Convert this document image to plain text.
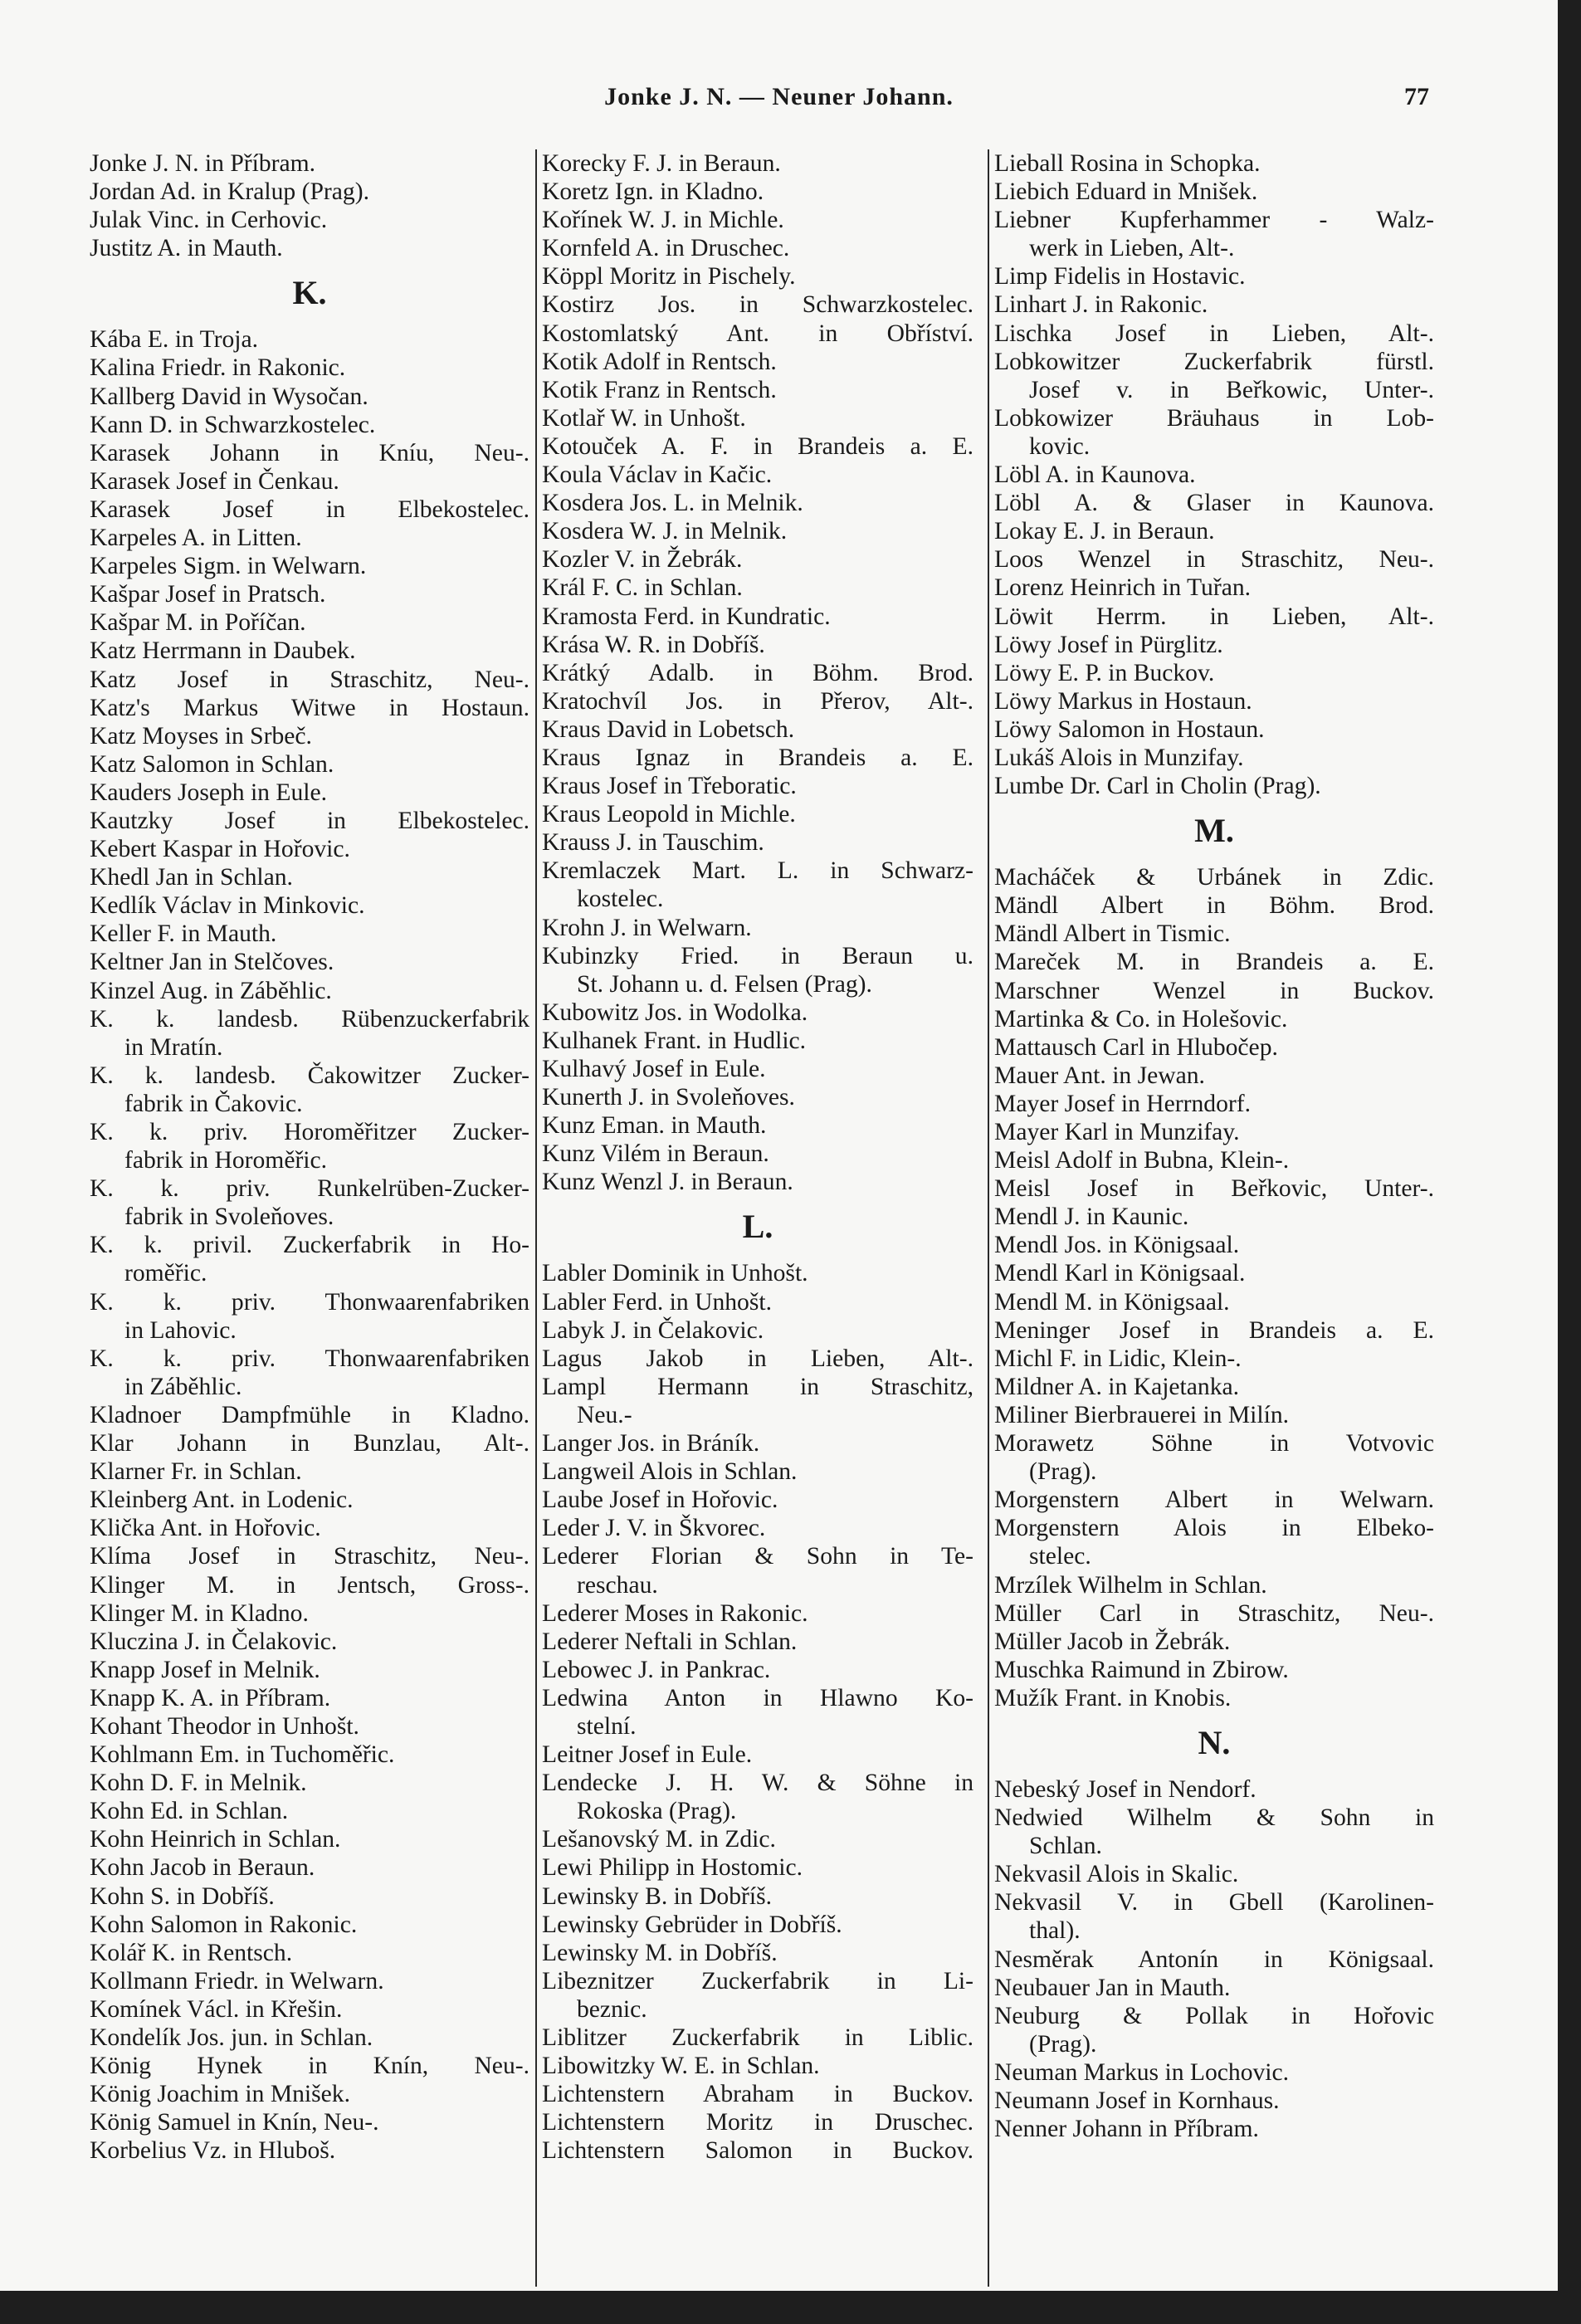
Jonke J. N. — Neuner Johann.	77
Jonke J. N. in Příbram.
Jordan Ad. in Kralup (Prag).
Julak Vinc. in Cerhovic.
Justitz A. in Mauth.
K.
Kába E. in Troja.
Kalina Friedr. in Rakonic.
Kallberg David in Wysočan.
Kann D. in Schwarzkostelec.
Karasek Johann in Kníu, Neu-.
Karasek Josef in Čenkau.
Karasek Josef in Elbekostelec.
Karpeles A. in Litten.
Karpeles Sigm. in Welwarn.
Kašpar Josef in Pratsch.
Kašpar M. in Poříčan.
Katz Herrmann in Daubek.
Katz Josef in Straschitz, Neu-.
Katz's Markus Witwe in Hostaun.
Katz Moyses in Srbeč.
Katz Salomon in Schlan.
Kauders Joseph in Eule.
Kautzky Josef in Elbekostelec.
Kebert Kaspar in Hořovic.
Khedl Jan in Schlan.
Kedlík Václav in Minkovic.
Keller F. in Mauth.
Keltner Jan in Stelčoves.
Kinzel Aug. in Záběhlic.
K. k. landesb. Rübenzuckerfabrik
in Mratín.
K. k. landesb. Čakowitzer Zucker-
fabrik in Čakovic.
K. k. priv. Horoměřitzer Zucker-
fabrik in Horoměřic.
K. k. priv. Runkelrüben-Zucker-
fabrik in Svoleňoves.
K. k. privil. Zuckerfabrik in Ho-
roměřic.
K. k. priv. Thonwaarenfabriken
in Lahovic.
K. k. priv. Thonwaarenfabriken
in Záběhlic.
Kladnoer Dampfmühle in Kladno.
Klar Johann in Bunzlau, Alt-.
Klarner Fr. in Schlan.
Kleinberg Ant. in Lodenic.
Klička Ant. in Hořovic.
Klíma Josef in Straschitz, Neu-.
Klinger M. in Jentsch, Gross-.
Klinger M. in Kladno.
Kluczina J. in Čelakovic.
Knapp Josef in Melnik.
Knapp K. A. in Příbram.
Kohant Theodor in Unhošt.
Kohlmann Em. in Tuchoměřic.
Kohn D. F. in Melnik.
Kohn Ed. in Schlan.
Kohn Heinrich in Schlan.
Kohn Jacob in Beraun.
Kohn S. in Dobříš.
Kohn Salomon in Rakonic.
Kolář K. in Rentsch.
Kollmann Friedr. in Welwarn.
Komínek Václ. in Křešin.
Kondelík Jos. jun. in Schlan.
König Hynek in Knín, Neu-.
König Joachim in Mnišek.
König Samuel in Knín, Neu-.
Korbelius Vz. in Hluboš.
Korecky F. J. in Beraun.
Koretz Ign. in Kladno.
Kořínek W. J. in Michle.
Kornfeld A. in Druschec.
Köppl Moritz in Pischely.
Kostirz Jos. in Schwarzkostelec.
Kostomlatský Ant. in Obříství.
Kotik Adolf in Rentsch.
Kotik Franz in Rentsch.
Kotlař W. in Unhošt.
Kotouček A. F. in Brandeis a. E.
Koula Václav in Kačic.
Kosdera Jos. L. in Melnik.
Kosdera W. J. in Melnik.
Kozler V. in Žebrák.
Král F. C. in Schlan.
Kramosta Ferd. in Kundratic.
Krása W. R. in Dobříš.
Krátký Adalb. in Böhm. Brod.
Kratochvíl Jos. in Přerov, Alt-.
Kraus David in Lobetsch.
Kraus Ignaz in Brandeis a. E.
Kraus Josef in Třeboratic.
Kraus Leopold in Michle.
Krauss J. in Tauschim.
Kremlaczek Mart. L. in Schwarz-
kostelec.
Krohn J. in Welwarn.
Kubinzky Fried. in Beraun u.
St. Johann u. d. Felsen (Prag).
Kubowitz Jos. in Wodolka.
Kulhanek Frant. in Hudlic.
Kulhavý Josef in Eule.
Kunerth J. in Svoleňoves.
Kunz Eman. in Mauth.
Kunz Vilém in Beraun.
Kunz Wenzl J. in Beraun.
L.
Labler Dominik in Unhošt.
Labler Ferd. in Unhošt.
Labyk J. in Čelakovic.
Lagus Jakob in Lieben, Alt-.
Lampl Hermann in Straschitz,
Neu.-
Langer Jos. in Bráník.
Langweil Alois in Schlan.
Laube Josef in Hořovic.
Leder J. V. in Škvorec.
Lederer Florian & Sohn in Te-
reschau.
Lederer Moses in Rakonic.
Lederer Neftali in Schlan.
Lebowec J. in Pankrac.
Ledwina Anton in Hlawno Ko-
stelní.
Leitner Josef in Eule.
Lendecke J. H. W. & Söhne in
Rokoska (Prag).
Lešanovský M. in Zdic.
Lewi Philipp in Hostomic.
Lewinsky B. in Dobříš.
Lewinsky Gebrüder in Dobříš.
Lewinsky M. in Dobříš.
Libeznitzer Zuckerfabrik in Li-
beznic.
Liblitzer Zuckerfabrik in Liblic.
Libowitzky W. E. in Schlan.
Lichtenstern Abraham in Buckov.
Lichtenstern Moritz in Druschec.
Lichtenstern Salomon in Buckov.
Lieball Rosina in Schopka.
Liebich Eduard in Mnišek.
Liebner Kupferhammer - Walz-
werk in Lieben, Alt-.
Limp Fidelis in Hostavic.
Linhart J. in Rakonic.
Lischka Josef in Lieben, Alt-.
Lobkowitzer Zuckerfabrik fürstl.
Josef v. in Beřkowic, Unter-.
Lobkowizer Bräuhaus in Lob-
kovic.
Löbl A. in Kaunova.
Löbl A. & Glaser in Kaunova.
Lokay E. J. in Beraun.
Loos Wenzel in Straschitz, Neu-.
Lorenz Heinrich in Tuřan.
Löwit Herrm. in Lieben, Alt-.
Löwy Josef in Pürglitz.
Löwy E. P. in Buckov.
Löwy Markus in Hostaun.
Löwy Salomon in Hostaun.
Lukáš Alois in Munzifay.
Lumbe Dr. Carl in Cholin (Prag).
M.
Macháček & Urbánek in Zdic.
Mändl Albert in Böhm. Brod.
Mändl Albert in Tismic.
Mareček M. in Brandeis a. E.
Marschner Wenzel in Buckov.
Martinka & Co. in Holešovic.
Mattausch Carl in Hlubočep.
Mauer Ant. in Jewan.
Mayer Josef in Herrndorf.
Mayer Karl in Munzifay.
Meisl Adolf in Bubna, Klein-.
Meisl Josef in Beřkovic, Unter-.
Mendl J. in Kaunic.
Mendl Jos. in Königsaal.
Mendl Karl in Königsaal.
Mendl M. in Königsaal.
Meninger Josef in Brandeis a. E.
Michl F. in Lidic, Klein-.
Mildner A. in Kajetanka.
Miliner Bierbrauerei in Milín.
Morawetz Söhne in Votvovic
(Prag).
Morgenstern Albert in Welwarn.
Morgenstern Alois in Elbeko-
stelec.
Mrzílek Wilhelm in Schlan.
Müller Carl in Straschitz, Neu-.
Müller Jacob in Žebrák.
Muschka Raimund in Zbirow.
Mužík Frant. in Knobis.
N.
Nebeský Josef in Nendorf.
Nedwied Wilhelm & Sohn in
Schlan.
Nekvasil Alois in Skalic.
Nekvasil V. in Gbell (Karolinen-
thal).
Nesměrak Antonín in Königsaal.
Neubauer Jan in Mauth.
Neuburg & Pollak in Hořovic
(Prag).
Neuman Markus in Lochovic.
Neumann Josef in Kornhaus.
Nenner Johann in Příbram.
